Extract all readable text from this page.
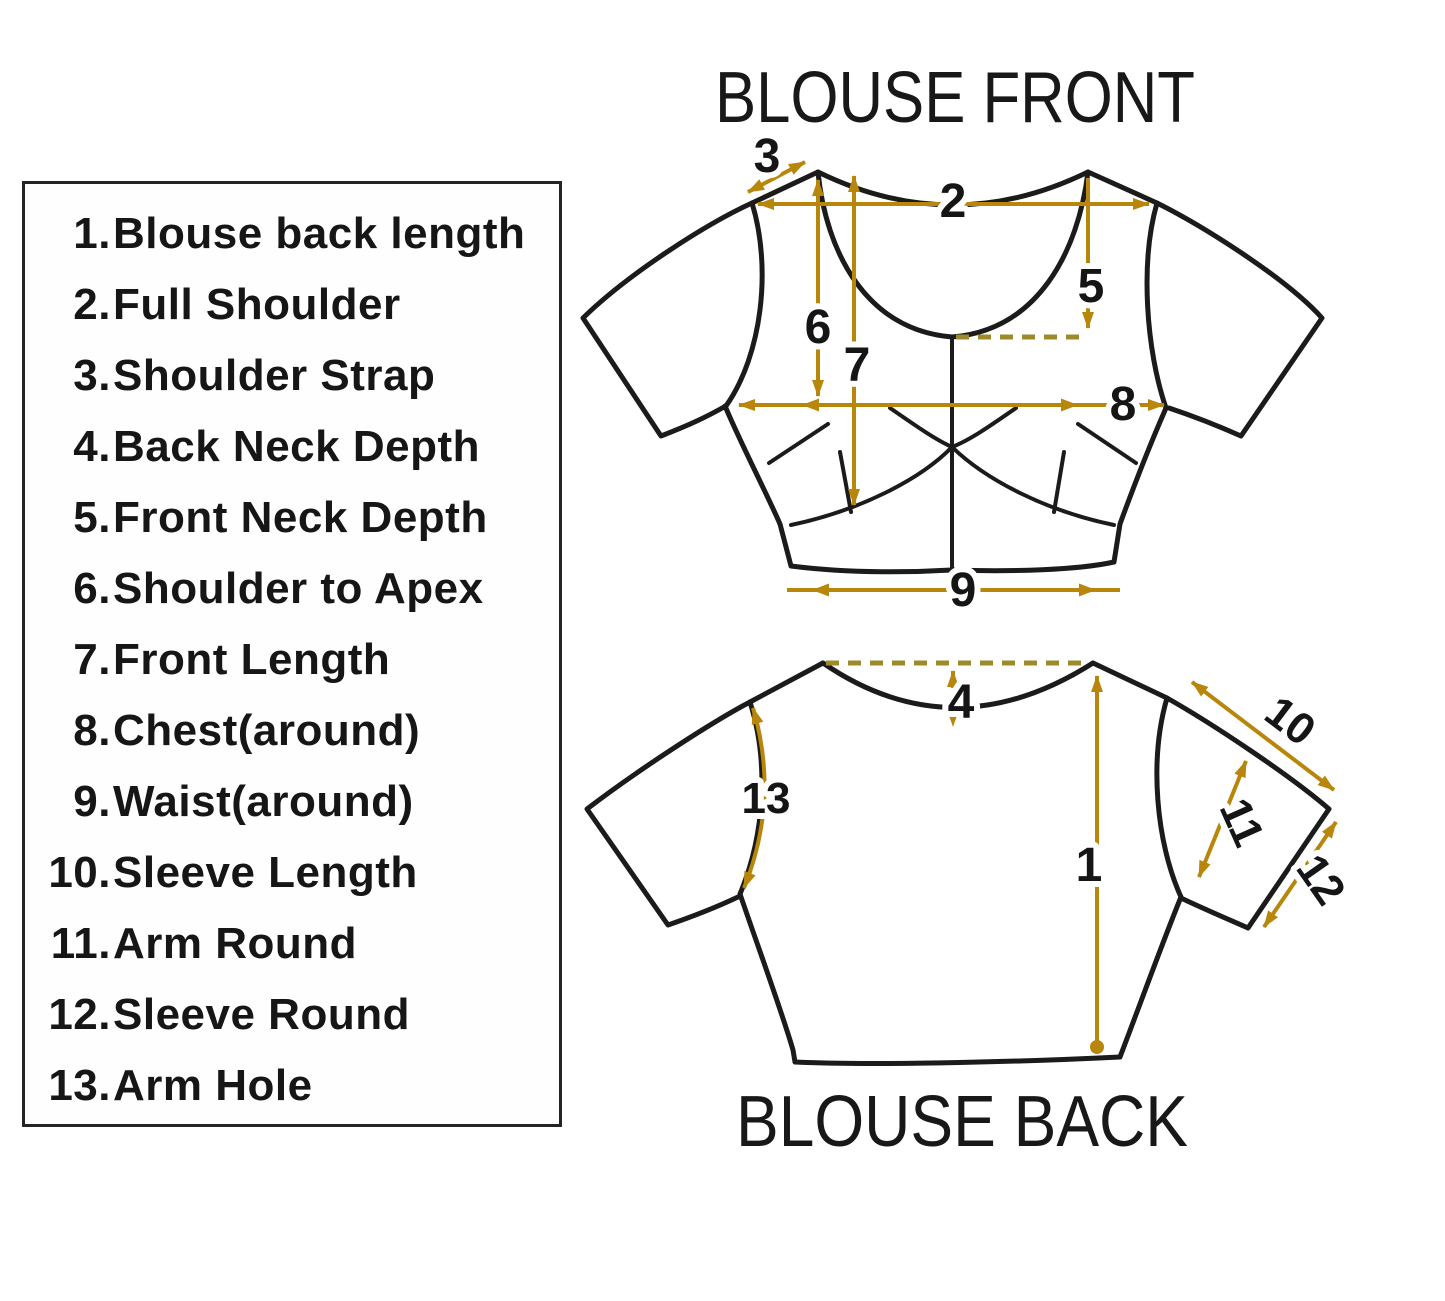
1. Blouse back length
2. Full Shoulder
3. Shoulder Strap
4. Back Neck Depth
5. Front Neck Depth
6. Shoulder to Apex
7. Front Length
8. Chest(around)
9. Waist(around)
10. Sleeve Length
11. Arm Round
12. Sleeve Round
13. Arm Hole
3
2
5
6
7
8
9
4
13
1
10
11
12
BLOUSE FRONT
BLOUSE BACK
